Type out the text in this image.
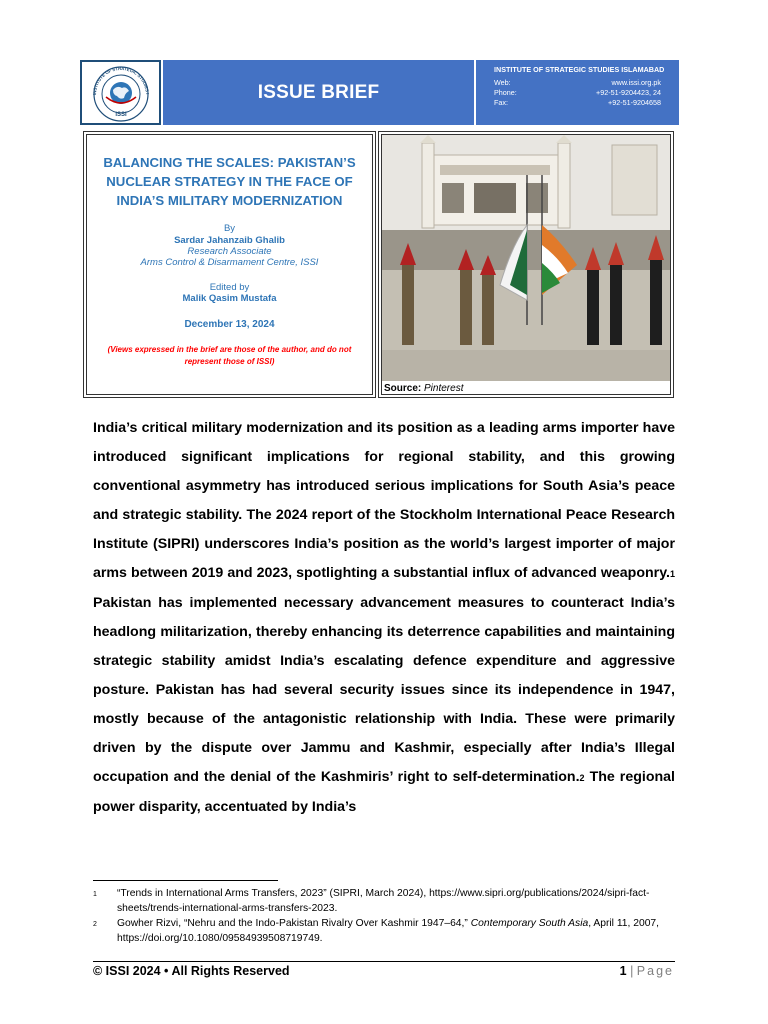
INSTITUTE OF STRATEGIC STUDIES I
ISSI
ISSUE BRIEF
INSTITUTE OF STRATEGIC STUDIES ISLAMABAD
Web:	www.issi.org.pk
Phone:	+92-51-9204423, 24
Fax:	+92-51-9204658
BALANCING THE SCALES: PAKISTAN’S NUCLEAR STRATEGY IN THE FACE OF INDIA’S MILITARY MODERNIZATION
By
Sardar Jahanzaib Ghalib
Research Associate
Arms Control & Disarmament Centre, ISSI
Edited by
Malik Qasim Mustafa
December 13, 2024
(Views expressed in the brief are those of the author, and do not represent those of ISSI)
Source: Pinterest
India’s critical military modernization and its position as a leading arms importer have introduced significant implications for regional stability, and this growing conventional asymmetry has introduced serious implications for South Asia’s peace and strategic stability. The 2024 report of the Stockholm International Peace Research Institute (SIPRI) underscores India’s position as the world’s largest importer of major arms between 2019 and 2023, spotlighting a substantial influx of advanced weaponry.1 Pakistan has implemented necessary advancement measures to counteract India’s headlong militarization, thereby enhancing its deterrence capabilities and maintaining strategic stability amidst India’s escalating defence expenditure and aggressive posture. Pakistan has had several security issues since its independence in 1947, mostly because of the antagonistic relationship with India. These were primarily driven by the dispute over Jammu and Kashmir, especially after India’s Illegal occupation and the denial of the Kashmiris’ right to self-determination.2 The regional power disparity, accentuated by India’s
1 “Trends in International Arms Transfers, 2023” (SIPRI, March 2024), https://www.sipri.org/publications/2024/sipri-fact-sheets/trends-international-arms-transfers-2023.
2 Gowher Rizvi, “Nehru and the Indo-Pakistan Rivalry Over Kashmir 1947–64,” Contemporary South Asia, April 11, 2007, https://doi.org/10.1080/09584939508719749.
© ISSI 2024 • All Rights Reserved	1 | Page
